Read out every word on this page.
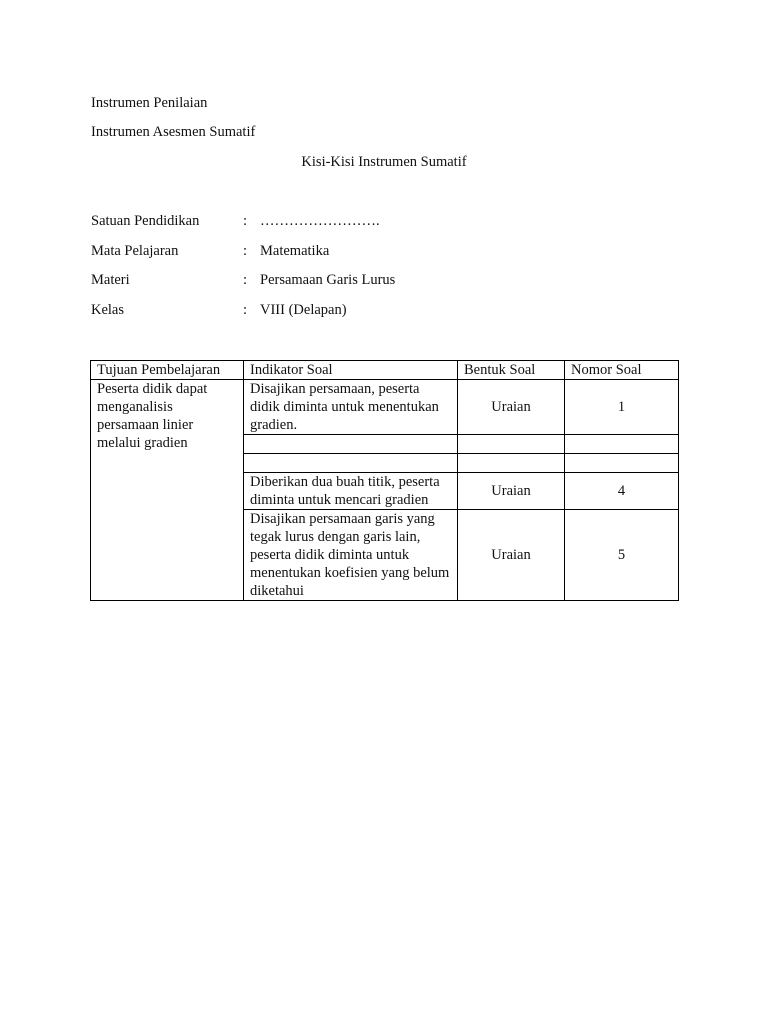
Instrumen Penilaian
Instrumen Asesmen Sumatif
Kisi-Kisi Instrumen Sumatif
Satuan Pendidikan	: …………………….
Mata Pelajaran	: Matematika
Materi	: Persamaan Garis Lurus
Kelas	: VIII (Delapan)
Tujuan Pembelajaran	Indikator Soal	Bentuk Soal	Nomor Soal
Peserta didik dapat menganalisis persamaan linier melalui gradien	Disajikan persamaan, peserta didik diminta untuk menentukan gradien.	Uraian	1

	Diberikan dua buah titik, peserta diminta untuk mencari gradien	Uraian	4
	Disajikan persamaan garis yang tegak lurus dengan garis lain, peserta didik diminta untuk menentukan koefisien yang belum diketahui	Uraian	5
